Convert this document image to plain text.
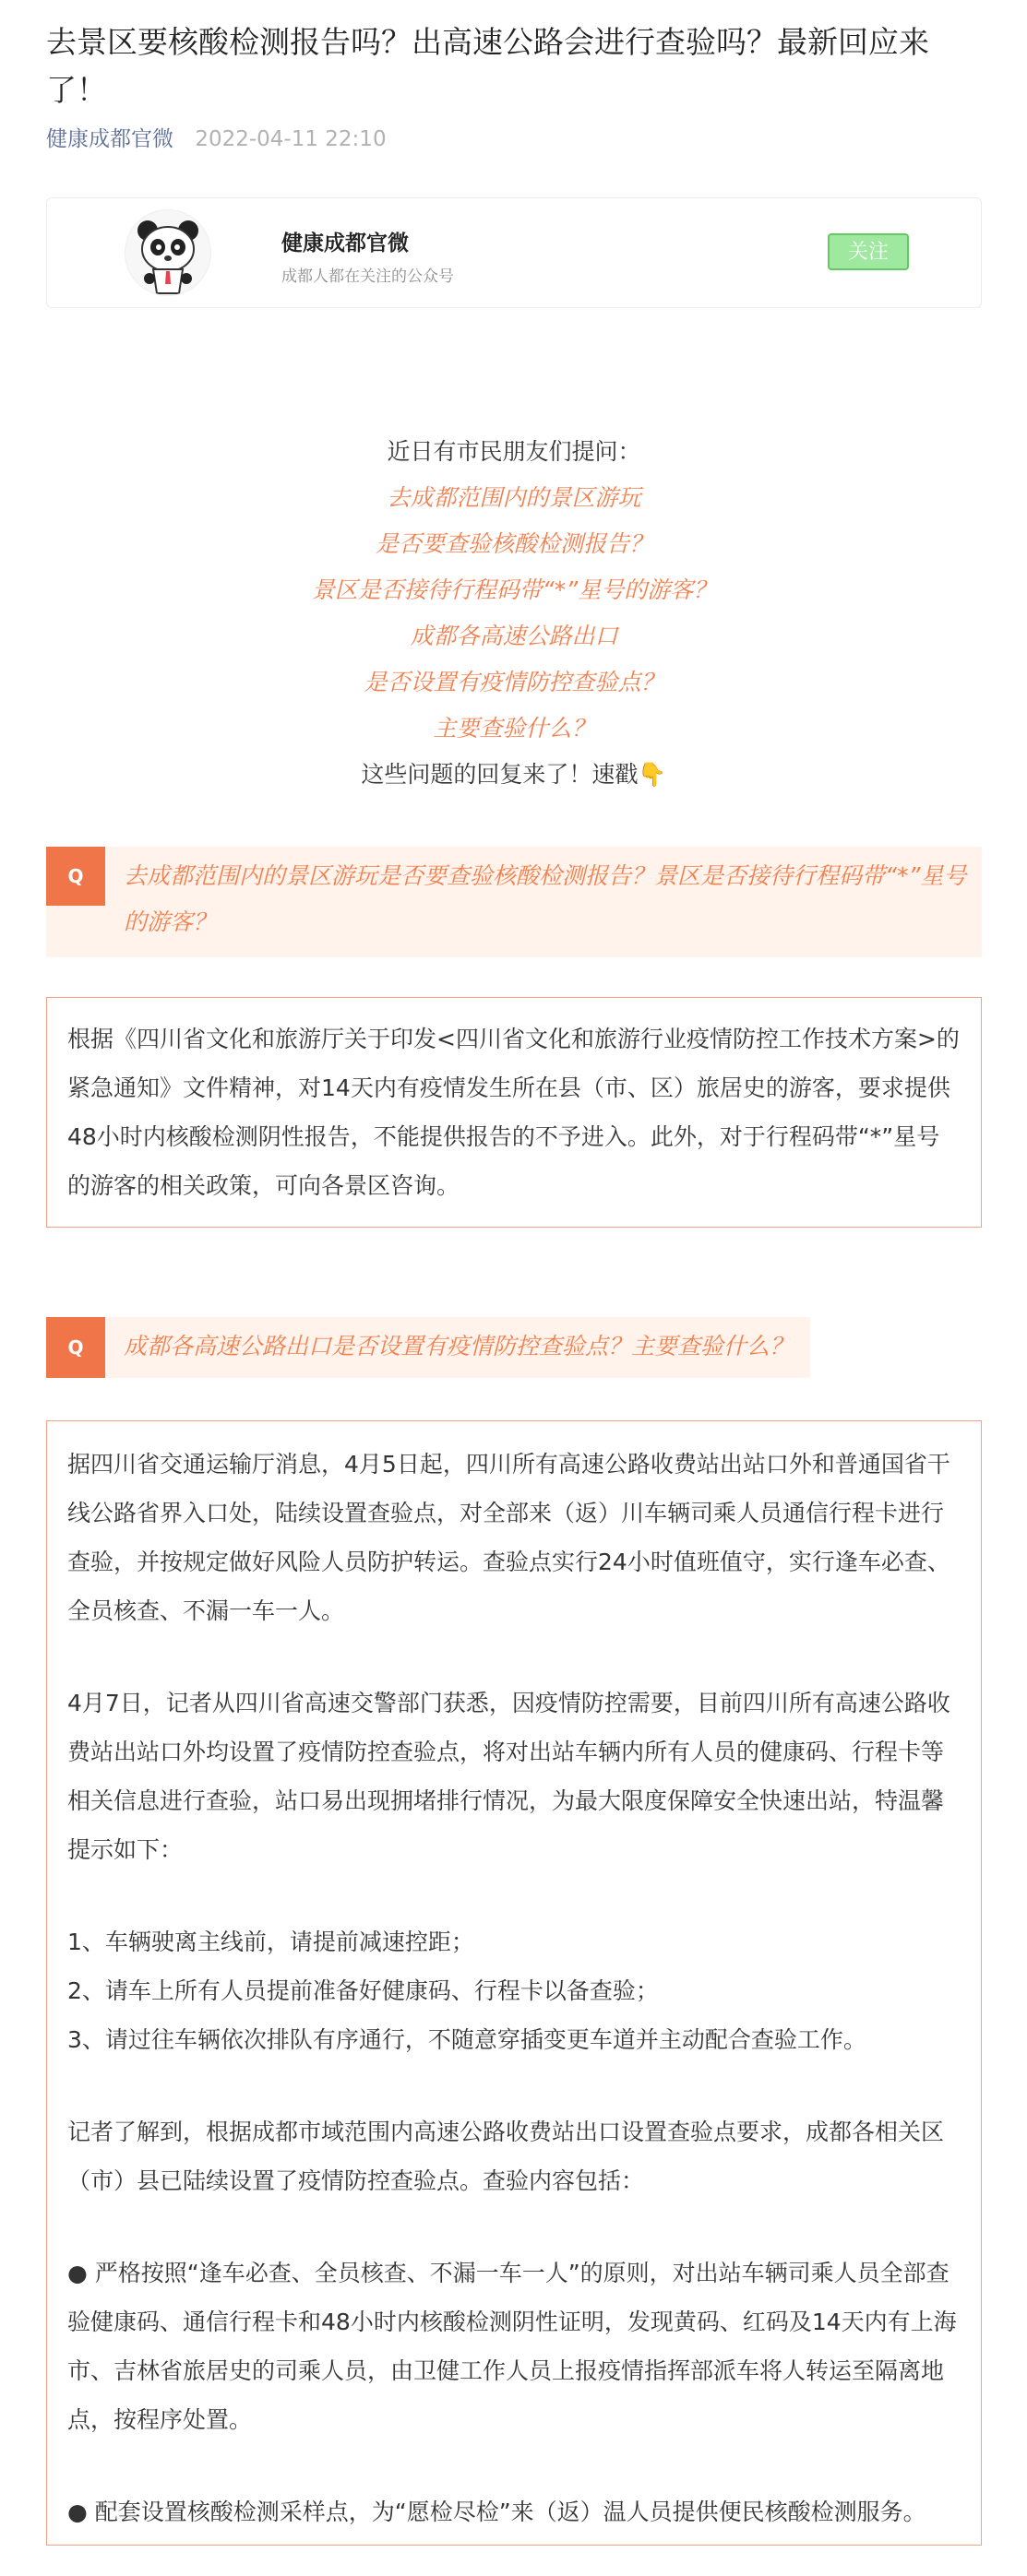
去景区要核酸检测报告吗？出高速公路会进行查验吗？最新回应来了！
健康成都官微 2022-04-11 22:10
健康成都官微
成都人都在关注的公众号
关注
近日有市民朋友们提问：
去成都范围内的景区游玩
是否要查验核酸检测报告？
景区是否接待行程码带“*”星号的游客？
成都各高速公路出口
是否设置有疫情防控查验点？
主要查验什么？
这些问题的回复来了！速戳👇
Q	去成都范围内的景区游玩是否要查验核酸检测报告？景区是否接待行程码带“*”星号的游客？

根据《四川省文化和旅游厅关于印发<四川省文化和旅游行业疫情防控工作技术方案>的紧急通知》文件精神，对14天内有疫情发生所在县（市、区）旅居史的游客，要求提供48小时内核酸检测阴性报告，不能提供报告的不予进入。此外，对于行程码带“*”星号的游客的相关政策，可向各景区咨询。

Q	成都各高速公路出口是否设置有疫情防控查验点？主要查验什么？

据四川省交通运输厅消息，4月5日起，四川所有高速公路收费站出站口外和普通国省干线公路省界入口处，陆续设置查验点，对全部来（返）川车辆司乘人员通信行程卡进行查验，并按规定做好风险人员防护转运。查验点实行24小时值班值守，实行逢车必查、全员核查、不漏一车一人。

4月7日，记者从四川省高速交警部门获悉，因疫情防控需要，目前四川所有高速公路收费站出站口外均设置了疫情防控查验点，将对出站车辆内所有人员的健康码、行程卡等相关信息进行查验，站口易出现拥堵排行情况，为最大限度保障安全快速出站，特温馨提示如下：

1、车辆驶离主线前，请提前减速控距；

2、请车上所有人员提前准备好健康码、行程卡以备查验；

3、请过往车辆依次排队有序通行，不随意穿插变更车道并主动配合查验工作。

记者了解到，根据成都市域范围内高速公路收费站出口设置查验点要求，成都各相关区（市）县已陆续设置了疫情防控查验点。查验内容包括：

● 严格按照“逢车必查、全员核查、不漏一车一人”的原则，对出站车辆司乘人员全部查验健康码、通信行程卡和48小时内核酸检测阴性证明，发现黄码、红码及14天内有上海市、吉林省旅居史的司乘人员，由卫健工作人员上报疫情指挥部派车将人转运至隔离地点，按程序处置。

● 配套设置核酸检测采样点，为“愿检尽检”来（返）温人员提供便民核酸检测服务。
